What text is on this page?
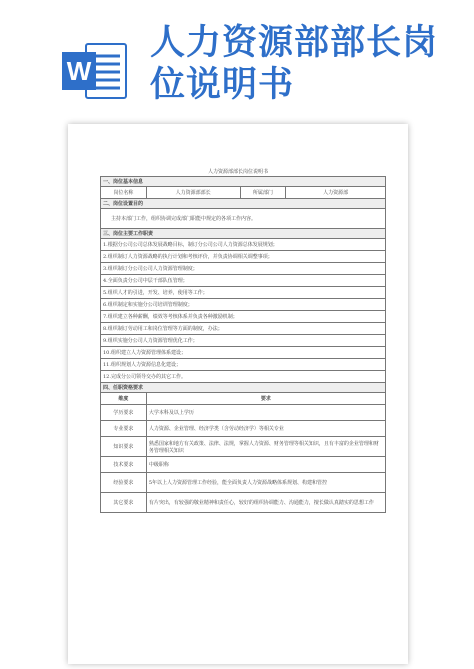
W
人力资源部部长岗
位说明书
人力资源部部长岗位说明书
一、岗位基本信息			
岗位名称	人力资源部部长	所属部门	人力资源部
二、岗位设置目的			
主持本部门工作，组织协调完成部门职能中规定的各项工作内容。			
三、岗位主要工作职责			
1.根据分公司公司总体发展战略目标，制订分公司公司人力资源总体发展规划；			
2.组织制订人力资源战略的执行计划和考核评价，并负责协调相关调整事项；			
3.组织制订分公司公司人力资源管理制度；			
4.全面负责分公司中层干部队伍管理；			
5.组织人才的引进，开发、培养，使用等工作；			
6.组织制定和实施分公司培训管理制度；			
7.组织建立各种薪酬，绩效等考核体系并负责各种激励机制；			
8.组织制订劳动用工和岗位管理等方面的制度，办法；			
9.组织实施分公司人力资源管理优化工作；			
10.组织建立人力资源管理体系建设；			
11.组织规划人力资源信息化建设；			
12.完成分公司领导交办的其它工作。			
四、任职资格要求			
维度	要求		
学历要求	大学本科及以上学历		
专业要求	人力资源、企业管理、经济学类（含劳动经济学）等相关专业		
知识要求	熟悉国家和地方有关政策、法律、法规，掌握人力资源、财务管理等相关知识，且有丰富的企业管理和财务管理相关知识		
技术要求	中级职称		
经验要求	5年以上人力资源管理工作经验，能全面负责人力资源战略体系规划、构建和管控		
其它要求	有片突出，有较强的敬业精神和责任心，较好的组织协调能力、沟通能力，擅长做认真踏实的思想工作		
